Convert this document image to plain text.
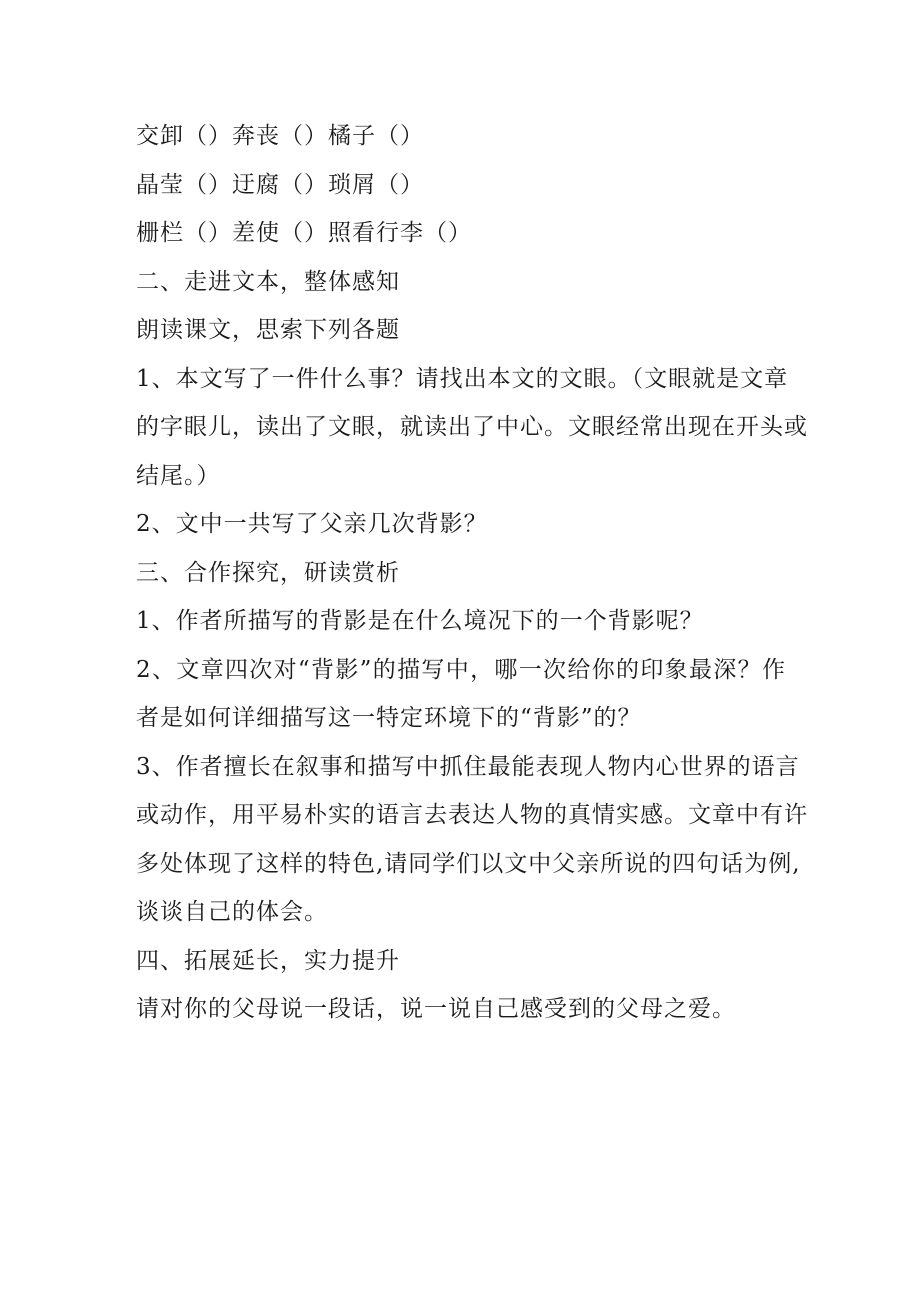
交卸（）奔丧（）橘子（）
晶莹（）迂腐（）琐屑（）
栅栏（）差使（）照看行李（）
二、走进文本，整体感知
朗读课文，思索下列各题
1、本文写了一件什么事？请找出本文的文眼。（文眼就是文章
的字眼儿，读出了文眼，就读出了中心。文眼经常出现在开头或
结尾。）
2、文中一共写了父亲几次背影？
三、合作探究，研读赏析
1、作者所描写的背影是在什么境况下的一个背影呢？
2、文章四次对“背影”的描写中，哪一次给你的印象最深？作
者是如何详细描写这一特定环境下的“背影”的？
3、作者擅长在叙事和描写中抓住最能表现人物内心世界的语言
或动作，用平易朴实的语言去表达人物的真情实感。文章中有许
多处体现了这样的特色,请同学们以文中父亲所说的四句话为例,
谈谈自己的体会。
四、拓展延长，实力提升
请对你的父母说一段话，说一说自己感受到的父母之爱。
